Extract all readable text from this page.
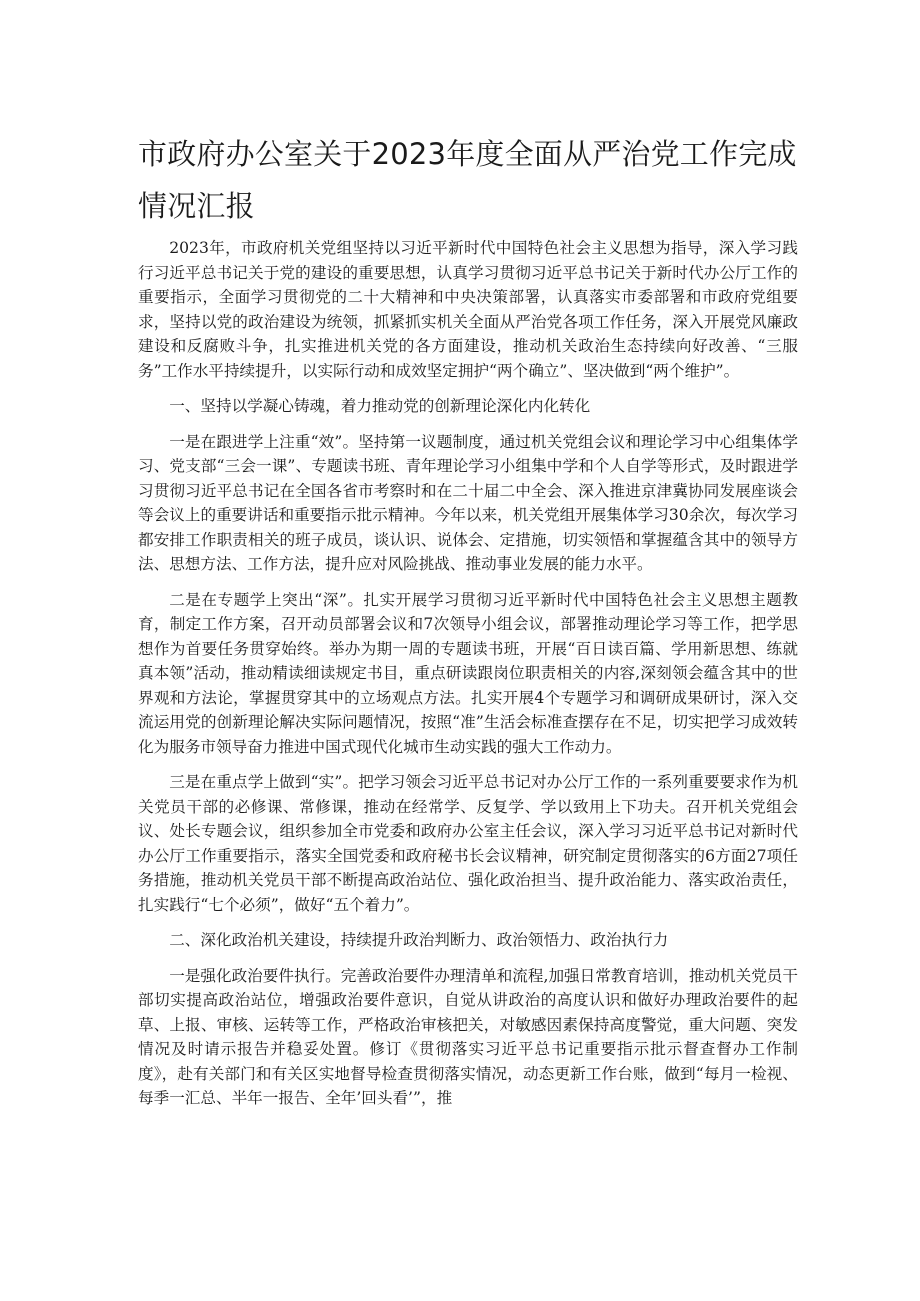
市政府办公室关于2023年度全面从严治党工作完成
情况汇报

2023年，市政府机关党组坚持以习近平新时代中国特色社会主义思想为指导，深入学习践行习近平总书记关于党的建设的重要思想，认真学习贯彻习近平总书记关于新时代办公厅工作的重要指示，全面学习贯彻党的二十大精神和中央决策部署，认真落实市委部署和市政府党组要求，坚持以党的政治建设为统领，抓紧抓实机关全面从严治党各项工作任务，深入开展党风廉政建设和反腐败斗争，扎实推进机关党的各方面建设，推动机关政治生态持续向好改善、“三服务”工作水平持续提升，以实际行动和成效坚定拥护“两个确立”、坚决做到“两个维护”。

一、坚持以学凝心铸魂，着力推动党的创新理论深化内化转化

一是在跟进学上注重“效”。坚持第一议题制度，通过机关党组会议和理论学习中心组集体学习、党支部“三会一课”、专题读书班、青年理论学习小组集中学和个人自学等形式，及时跟进学习贯彻习近平总书记在全国各省市考察时和在二十届二中全会、深入推进京津冀协同发展座谈会等会议上的重要讲话和重要指示批示精神。今年以来，机关党组开展集体学习30余次，每次学习都安排工作职责相关的班子成员，谈认识、说体会、定措施，切实领悟和掌握蕴含其中的领导方法、思想方法、工作方法，提升应对风险挑战、推动事业发展的能力水平。

二是在专题学上突出“深”。扎实开展学习贯彻习近平新时代中国特色社会主义思想主题教育，制定工作方案，召开动员部署会议和7次领导小组会议，部署推动理论学习等工作，把学思想作为首要任务贯穿始终。举办为期一周的专题读书班，开展“百日读百篇、学用新思想、练就真本领”活动，推动精读细读规定书目，重点研读跟岗位职责相关的内容,深刻领会蕴含其中的世界观和方法论，掌握贯穿其中的立场观点方法。扎实开展4个专题学习和调研成果研讨，深入交流运用党的创新理论解决实际问题情况，按照“准”生活会标准查摆存在不足，切实把学习成效转化为服务市领导奋力推进中国式现代化城市生动实践的强大工作动力。

三是在重点学上做到“实”。把学习领会习近平总书记对办公厅工作的一系列重要要求作为机关党员干部的必修课、常修课，推动在经常学、反复学、学以致用上下功夫。召开机关党组会议、处长专题会议，组织参加全市党委和政府办公室主任会议，深入学习习近平总书记对新时代办公厅工作重要指示，落实全国党委和政府秘书长会议精神，研究制定贯彻落实的6方面27项任务措施，推动机关党员干部不断提高政治站位、强化政治担当、提升政治能力、落实政治责任，扎实践行“七个必须”，做好“五个着力”。

二、深化政治机关建设，持续提升政治判断力、政治领悟力、政治执行力

一是强化政治要件执行。完善政治要件办理清单和流程,加强日常教育培训，推动机关党员干部切实提高政治站位，增强政治要件意识，自觉从讲政治的高度认识和做好办理政治要件的起草、上报、审核、运转等工作，严格政治审核把关，对敏感因素保持高度警觉，重大问题、突发情况及时请示报告并稳妥处置。修订《贯彻落实习近平总书记重要指示批示督查督办工作制度》，赴有关部门和有关区实地督导检查贯彻落实情况，动态更新工作台账，做到“每月一检视、每季一汇总、半年一报告、全年’回头看’”，推
